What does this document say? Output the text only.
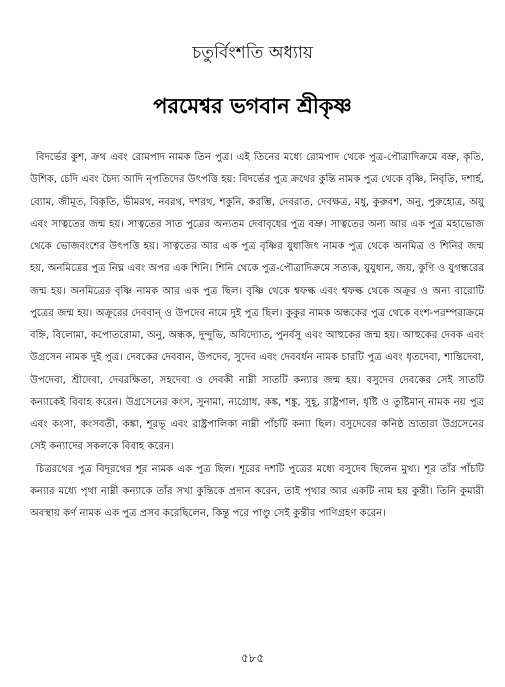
চতুর্বিংশতি অধ্যায়
পরমেশ্বর ভগবান শ্রীকৃষ্ণ

বিদর্ভের কুশ, ক্রথ এবং রোমপাদ নামক তিন পুত্র। এই তিনের মধ্যে রোমপাদ থেকে পুত্র-পৌত্রাদিক্রমে বভ্রু, কৃতি, উশিক, চেদি এবং চৈদ্য আদি নৃপতিদের উৎপত্তি হয়: বিদর্ভের পুত্র ক্রথের কুন্তি নামক পুত্র থেকে বৃষ্ণি, নিবৃতি, দশার্হ, ব্যোম, জীমূত, বিকৃতি, ভীমরথ, নবরথ, দশরথ, শকুনি, করম্ভি, দেবরাত, দেবক্ষত্র, মধু, কুরুবশ, অনু, পুরুহোত্র, অয়ু এবং সাত্বতের জন্ম হয়। সাত্বতের সাত পুত্রের অন্যতম দেবাবৃধের পুত্র বভ্রু। সাত্বতের অন্য আর এক পুত্র মহাভোজ থেকে ভোজবংশের উৎপত্তি হয়। সাত্বতের আর এক পুত্র বৃষ্ণির যুধাজিৎ নামক পুত্র থেকে অনমিত্র ও শিনির জন্ম হয়, অনমিত্রের পুত্র নিঘ্ন এবং অপর এক শিনি। শিনি থেকে পুত্র-পৌত্রাদিক্রমে সত্যক, যুযুধান, জয়, কুণি ও যুগন্ধরের জন্ম হয়। অনমিত্রের বৃষ্ণি নামক আর এক পুত্র ছিল। বৃষ্ণি থেকে শ্বফল্ক এবং শ্বফল্ক থেকে অক্রূর ও অন্য বারোটি পুত্রের জন্ম হয়। অক্রূরের দেববান্ ও উপদেব নামে দুই পুত্র ছিল। কুকুর নামক অন্ধকের পুত্র থেকে বংশ-পরম্পরাক্রমে বহ্নি, বিলোমা, কপোতরোমা, অনু, অন্ধক, দুন্দুভি, অবিদ্যোত, পুনর্বসু এবং আহুকের জন্ম হয়। আহুকের দেবক এবং উগ্রসেন নামক দুই পুত্র। দেবকের দেববান, উপদেব, সুদেব এবং দেববর্ধন নামক চারটি পুত্র এবং ধৃতদেবা, শান্তিদেবা, উপদেবা, শ্রীদেবা, দেবরক্ষিতা, সহদেবা ও দেবকী নাম্নী সাতটি কন্যার জন্ম হয়। বসুদেব দেবকের সেই সাতটি কন্যাকেই বিবাহ করেন। উগ্রসেনের কংস, সুনামা, ন্যগ্রোধ, কঙ্ক, শঙ্কু, সুহূ, রাষ্ট্রপাল, ধৃষ্টি ও তুষ্টিমান্ নামক নয় পুত্র এবং কংসা, কংসবতী, কঙ্কা, শূরভূ এবং রাষ্ট্রপালিকা নাম্নী পাঁচটি কন্যা ছিল। বসুদেবের কনিষ্ঠ ভ্রাতারা উগ্রসেনের সেই কন্যাদের সকলকে বিবাহ করেন।

চিত্ররথের পুত্র বিদূরথের শূর নামক এক পুত্র ছিল। শূরের দশটি পুত্রের মধ্যে বসুদেব ছিলেন মুখ্য। শূর তাঁর পাঁচটি কন্যার মধ্যে পৃথা নাম্নী কন্যাকে তাঁর সখা কুন্তিকে প্রদান করেন, তাই পৃথার আর একটি নাম হয় কুন্তী। তিনি কুমারী অবস্থায় কর্ণ নামক এক পুত্র প্রসব করেছিলেন, কিন্তু পরে পাণ্ডু সেই কুন্তীর পাণিগ্রহণ করেন।

৫৮৫
